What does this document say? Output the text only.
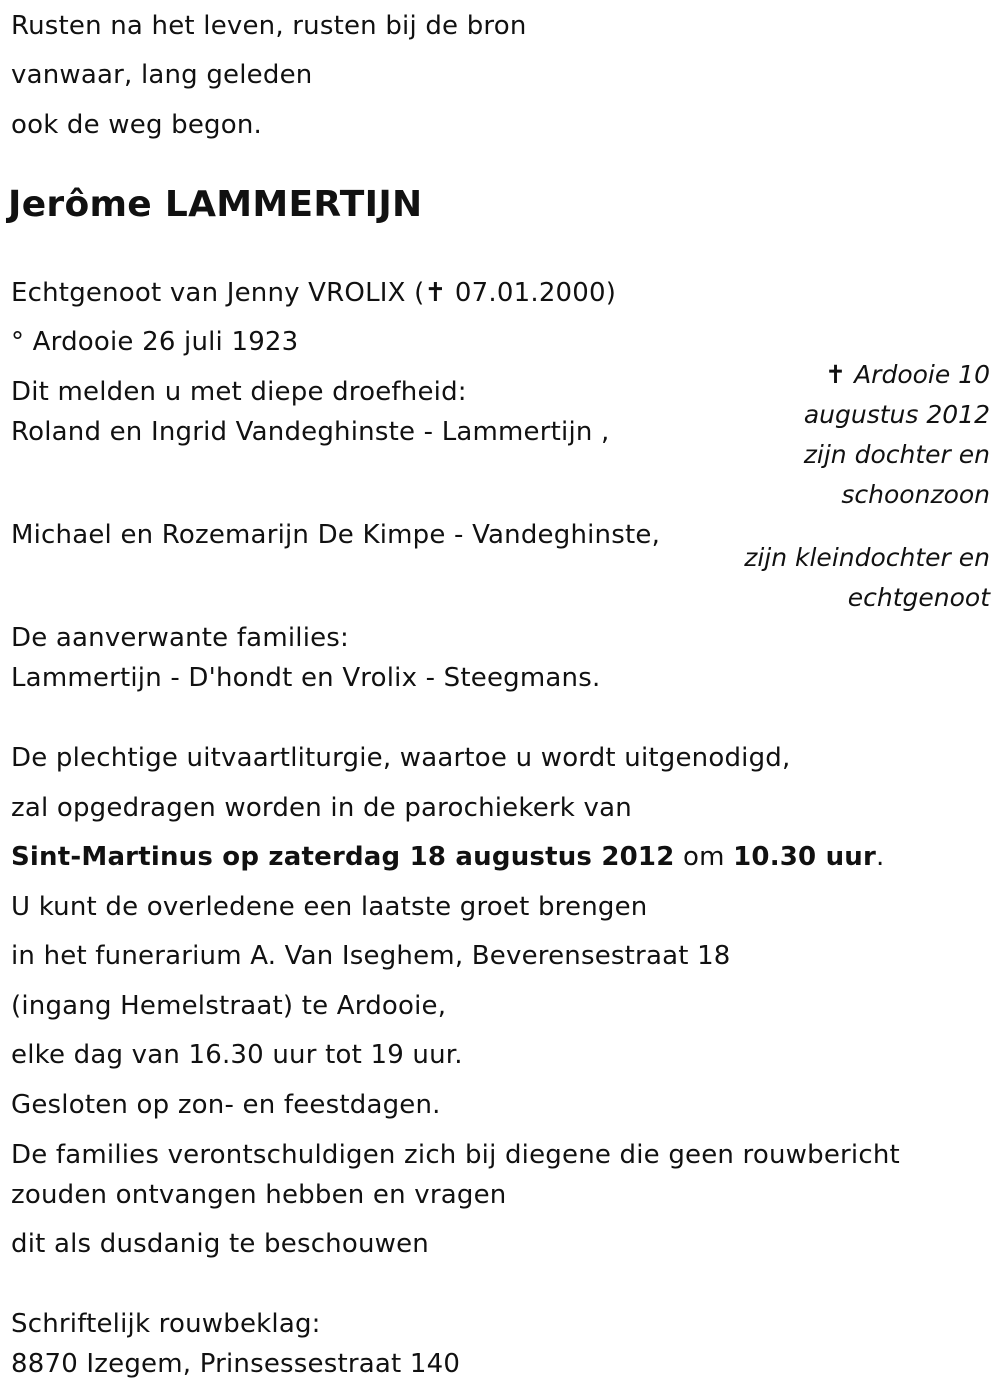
Rusten na het leven, rusten bij de bron
vanwaar, lang geleden
ook de weg begon.
Jerôme LAMMERTIJN
Echtgenoot van Jenny VROLIX (✝ 07.01.2000)
° Ardooie 26 juli 1923
Dit melden u met diepe droefheid:
Roland en Ingrid Vandeghinste - Lammertijn ,
Michael en Rozemarijn De Kimpe - Vandeghinste,
✝ Ardooie 10
augustus 2012
zijn dochter en
schoonzoon
zijn kleindochter en
echtgenoot
De aanverwante families:
Lammertijn - D'hondt en Vrolix - Steegmans.
De plechtige uitvaartliturgie, waartoe u wordt uitgenodigd,
zal opgedragen worden in de parochiekerk van
Sint-Martinus op zaterdag 18 augustus 2012 om 10.30 uur.
U kunt de overledene een laatste groet brengen
in het funerarium A. Van Iseghem, Beverensestraat 18
(ingang Hemelstraat) te Ardooie,
elke dag van 16.30 uur tot 19 uur.
Gesloten op zon- en feestdagen.
De families verontschuldigen zich bij diegene die geen rouwbericht
zouden ontvangen hebben en vragen
dit als dusdanig te beschouwen
Schriftelijk rouwbeklag:
8870 Izegem, Prinsessestraat 140
